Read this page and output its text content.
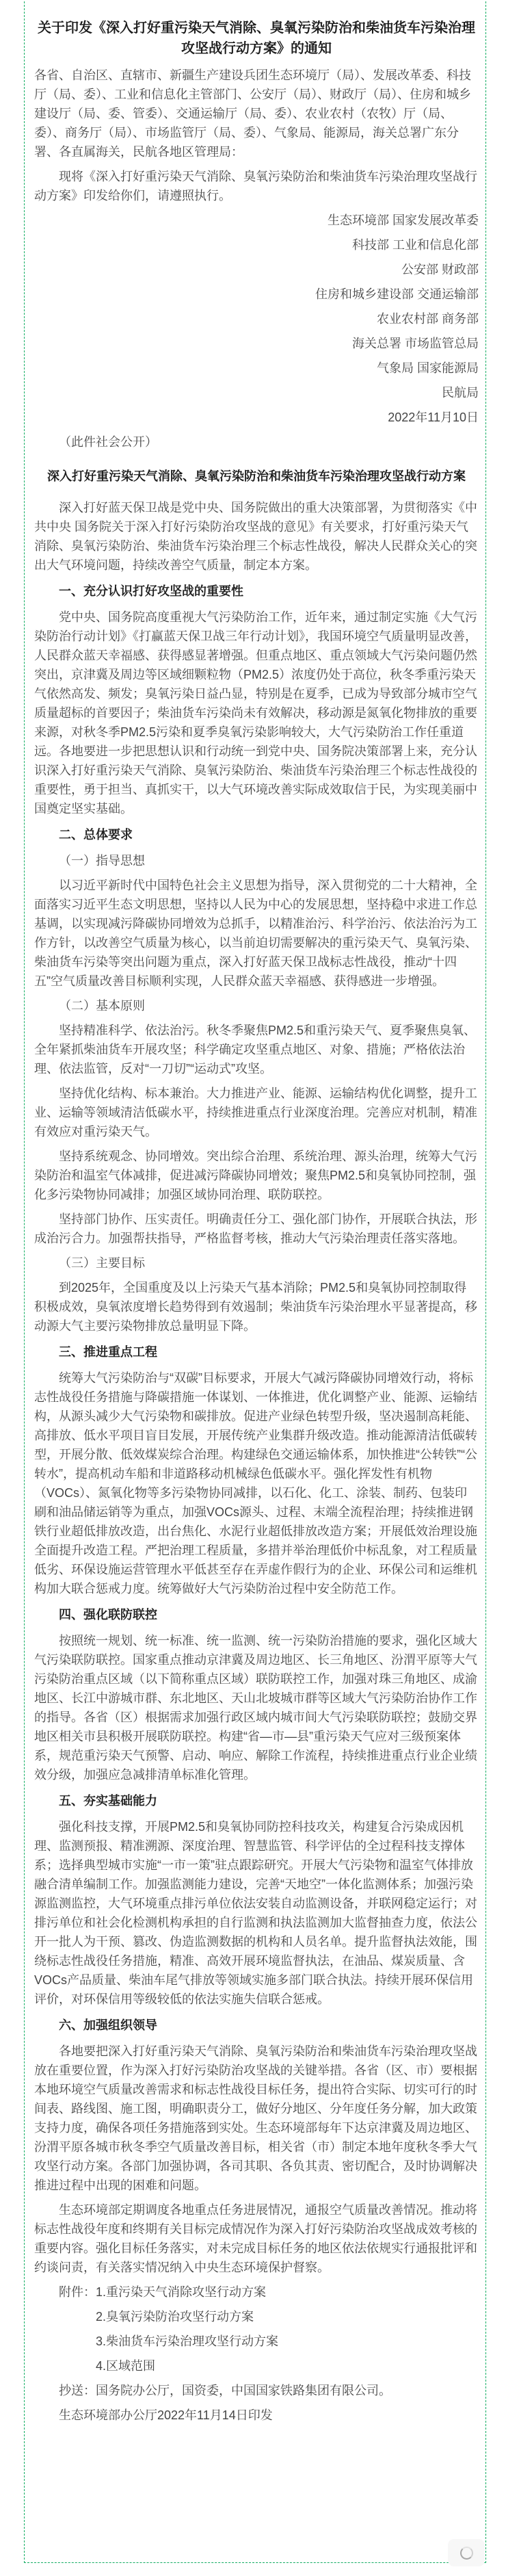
关于印发《深入打好重污染天气消除、臭氧污染防治和柴油货车污染治理
攻坚战行动方案》的通知

各省、自治区、直辖市、新疆生产建设兵团生态环境厅（局）、发展改革委、科技厅（局、委）、工业和信息化主管部门、公安厅（局）、财政厅（局）、住房和城乡建设厅（局、委、管委）、交通运输厅（局、委）、农业农村（农牧）厅（局、委）、商务厅（局）、市场监管厅（局、委）、气象局、能源局，海关总署广东分署、各直属海关，民航各地区管理局：

现将《深入打好重污染天气消除、臭氧污染防治和柴油货车污染治理攻坚战行动方案》印发给你们，请遵照执行。

生态环境部 国家发展改革委

科技部 工业和信息化部

公安部 财政部

住房和城乡建设部 交通运输部

农业农村部 商务部

海关总署 市场监管总局

气象局 国家能源局

民航局

2022年11月10日

（此件社会公开）

深入打好重污染天气消除、臭氧污染防治和柴油货车污染治理攻坚战行动方案

深入打好蓝天保卫战是党中央、国务院做出的重大决策部署，为贯彻落实《中共中央 国务院关于深入打好污染防治攻坚战的意见》有关要求，打好重污染天气消除、臭氧污染防治、柴油货车污染治理三个标志性战役，解决人民群众关心的突出大气环境问题，持续改善空气质量，制定本方案。

一、充分认识打好攻坚战的重要性

党中央、国务院高度重视大气污染防治工作，近年来，通过制定实施《大气污染防治行动计划》《打赢蓝天保卫战三年行动计划》，我国环境空气质量明显改善，人民群众蓝天幸福感、获得感显著增强。但重点地区、重点领域大气污染问题仍然突出，京津冀及周边等区域细颗粒物（PM2.5）浓度仍处于高位，秋冬季重污染天气依然高发、频发；臭氧污染日益凸显，特别是在夏季，已成为导致部分城市空气质量超标的首要因子；柴油货车污染尚未有效解决，移动源是氮氧化物排放的重要来源，对秋冬季PM2.5污染和夏季臭氧污染影响较大，大气污染防治工作任重道远。各地要进一步把思想认识和行动统一到党中央、国务院决策部署上来，充分认识深入打好重污染天气消除、臭氧污染防治、柴油货车污染治理三个标志性战役的重要性，勇于担当、真抓实干，以大气环境改善实际成效取信于民，为实现美丽中国奠定坚实基础。

二、总体要求

（一）指导思想

以习近平新时代中国特色社会主义思想为指导，深入贯彻党的二十大精神，全面落实习近平生态文明思想，坚持以人民为中心的发展思想，坚持稳中求进工作总基调，以实现减污降碳协同增效为总抓手，以精准治污、科学治污、依法治污为工作方针，以改善空气质量为核心，以当前迫切需要解决的重污染天气、臭氧污染、柴油货车污染等突出问题为重点，深入打好蓝天保卫战标志性战役，推动“十四五”空气质量改善目标顺利实现，人民群众蓝天幸福感、获得感进一步增强。

（二）基本原则

坚持精准科学、依法治污。秋冬季聚焦PM2.5和重污染天气、夏季聚焦臭氧、全年紧抓柴油货车开展攻坚；科学确定攻坚重点地区、对象、措施；严格依法治理、依法监管，反对“一刀切”“运动式”攻坚。

坚持优化结构、标本兼治。大力推进产业、能源、运输结构优化调整，提升工业、运输等领域清洁低碳水平，持续推进重点行业深度治理。完善应对机制，精准有效应对重污染天气。

坚持系统观念、协同增效。突出综合治理、系统治理、源头治理，统筹大气污染防治和温室气体减排，促进减污降碳协同增效；聚焦PM2.5和臭氧协同控制，强化多污染物协同减排；加强区域协同治理、联防联控。

坚持部门协作、压实责任。明确责任分工、强化部门协作，开展联合执法，形成治污合力。加强帮扶指导，严格监督考核，推动大气污染治理责任落实落地。

（三）主要目标

到2025年，全国重度及以上污染天气基本消除；PM2.5和臭氧协同控制取得积极成效，臭氧浓度增长趋势得到有效遏制；柴油货车污染治理水平显著提高，移动源大气主要污染物排放总量明显下降。

三、推进重点工程

统筹大气污染防治与“双碳”目标要求，开展大气减污降碳协同增效行动，将标志性战役任务措施与降碳措施一体谋划、一体推进，优化调整产业、能源、运输结构，从源头减少大气污染物和碳排放。促进产业绿色转型升级，坚决遏制高耗能、高排放、低水平项目盲目发展，开展传统产业集群升级改造。推动能源清洁低碳转型，开展分散、低效煤炭综合治理。构建绿色交通运输体系，加快推进“公转铁”“公转水”，提高机动车船和非道路移动机械绿色低碳水平。强化挥发性有机物（VOCs）、氮氧化物等多污染物协同减排，以石化、化工、涂装、制药、包装印刷和油品储运销等为重点，加强VOCs源头、过程、末端全流程治理；持续推进钢铁行业超低排放改造，出台焦化、水泥行业超低排放改造方案；开展低效治理设施全面提升改造工程。严把治理工程质量，多措并举治理低价中标乱象，对工程质量低劣、环保设施运营管理水平低甚至存在弄虚作假行为的企业、环保公司和运维机构加大联合惩戒力度。统筹做好大气污染防治过程中安全防范工作。

四、强化联防联控

按照统一规划、统一标准、统一监测、统一污染防治措施的要求，强化区域大气污染联防联控。国家重点推动京津冀及周边地区、长三角地区、汾渭平原等大气污染防治重点区域（以下简称重点区域）联防联控工作，加强对珠三角地区、成渝地区、长江中游城市群、东北地区、天山北坡城市群等区域大气污染防治协作工作的指导。各省（区）根据需求加强行政区域内城市间大气污染联防联控；鼓励交界地区相关市县积极开展联防联控。构建“省—市—县”重污染天气应对三级预案体系，规范重污染天气预警、启动、响应、解除工作流程，持续推进重点行业企业绩效分级，加强应急减排清单标准化管理。

五、夯实基础能力

强化科技支撑，开展PM2.5和臭氧协同防控科技攻关，构建复合污染成因机理、监测预报、精准溯源、深度治理、智慧监管、科学评估的全过程科技支撑体系；选择典型城市实施“一市一策”驻点跟踪研究。开展大气污染物和温室气体排放融合清单编制工作。加强监测能力建设，完善“天地空”一体化监测体系；加强污染源监测监控，大气环境重点排污单位依法安装自动监测设备，并联网稳定运行；对排污单位和社会化检测机构承担的自行监测和执法监测加大监督抽查力度，依法公开一批人为干预、篡改、伪造监测数据的机构和人员名单。提升监督执法效能，围绕标志性战役任务措施，精准、高效开展环境监督执法，在油品、煤炭质量、含VOCs产品质量、柴油车尾气排放等领域实施多部门联合执法。持续开展环保信用评价，对环保信用等级较低的依法实施失信联合惩戒。

六、加强组织领导

各地要把深入打好重污染天气消除、臭氧污染防治和柴油货车污染治理攻坚战放在重要位置，作为深入打好污染防治攻坚战的关键举措。各省（区、市）要根据本地环境空气质量改善需求和标志性战役目标任务，提出符合实际、切实可行的时间表、路线图、施工图，明确职责分工，做好分地区、分年度任务分解，加大政策支持力度，确保各项任务措施落到实处。生态环境部每年下达京津冀及周边地区、汾渭平原各城市秋冬季空气质量改善目标，相关省（市）制定本地年度秋冬季大气攻坚行动方案。各部门加强协调，各司其职、各负其责、密切配合，及时协调解决推进过程中出现的困难和问题。

生态环境部定期调度各地重点任务进展情况，通报空气质量改善情况。推动将标志性战役年度和终期有关目标完成情况作为深入打好污染防治攻坚战成效考核的重要内容。强化目标任务落实，对未完成目标任务的地区依法依规实行通报批评和约谈问责，有关落实情况纳入中央生态环境保护督察。

附件：1.重污染天气消除攻坚行动方案

2.臭氧污染防治攻坚行动方案

3.柴油货车污染治理攻坚行动方案

4.区域范围

抄送：国务院办公厅，国资委，中国国家铁路集团有限公司。

生态环境部办公厅2022年11月14日印发
